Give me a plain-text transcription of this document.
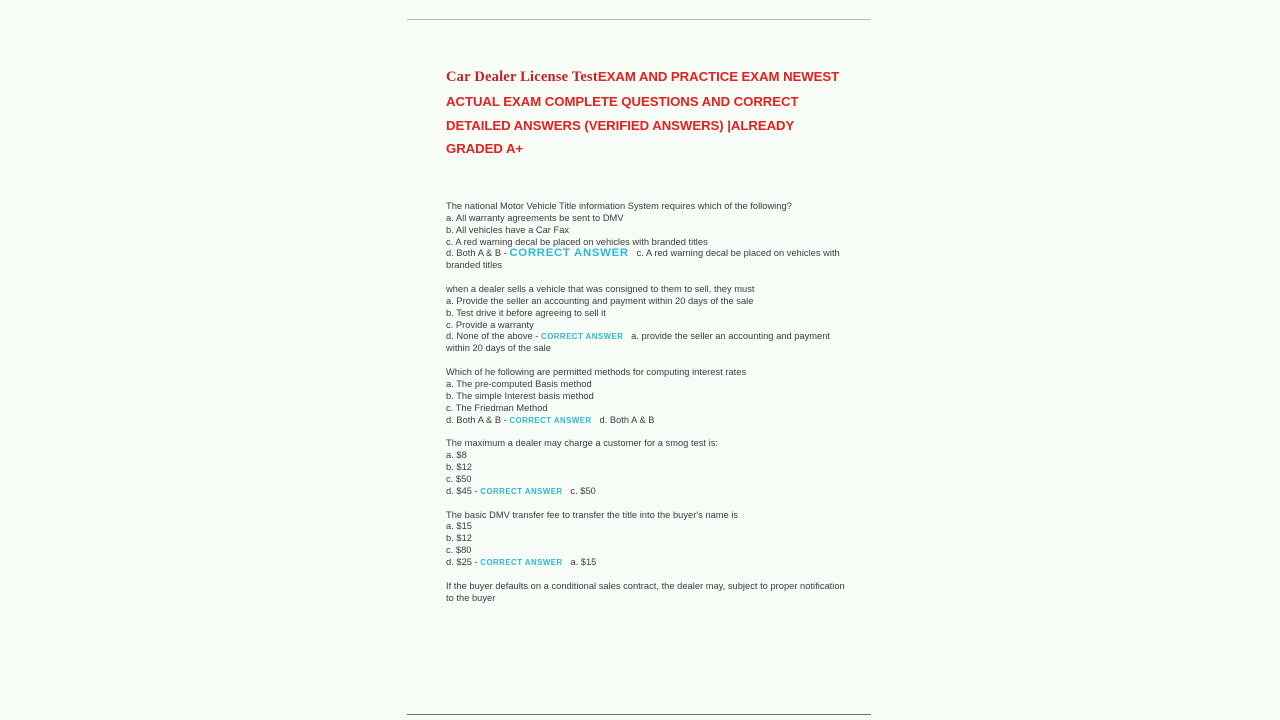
Car Dealer License TestEXAM AND PRACTICE EXAM NEWEST ACTUAL EXAM COMPLETE QUESTIONS AND CORRECT DETAILED ANSWERS (VERIFIED ANSWERS) |ALREADY GRADED A+
The national Motor Vehicle Title information System requires which of the following?
a. All warranty agreements be sent to DMV
b. All vehicles have a Car Fax
c. A red warning decal be placed on vehicles with branded titles
d. Both A & B - CORRECT ANSWER   c. A red warning decal be placed on vehicles with branded titles
when a dealer sells a vehicle that was consigned to them to sell, they must
a. Provide the seller an accounting and payment within 20 days of the sale
b. Test drive it before agreeing to sell it
c. Provide a warranty
d. None of the above - CORRECT ANSWER   a. provide the seller an accounting and payment within 20 days of the sale
Which of he following are permitted methods for computing interest rates
a. The pre-computed Basis method
b. The simple Interest basis method
c. The Friedman Method
d. Both A & B - CORRECT ANSWER   d. Both A & B
The maximum a dealer may charge a customer for a smog test is:
a. $8
b. $12
c. $50
d. $45 - CORRECT ANSWER   c. $50
The basic DMV transfer fee to transfer the title into the buyer's name is
a. $15
b. $12
c. $80
d. $25 - CORRECT ANSWER   a. $15
If the buyer defaults on a conditional sales contract, the dealer may, subject to proper notification to the buyer
